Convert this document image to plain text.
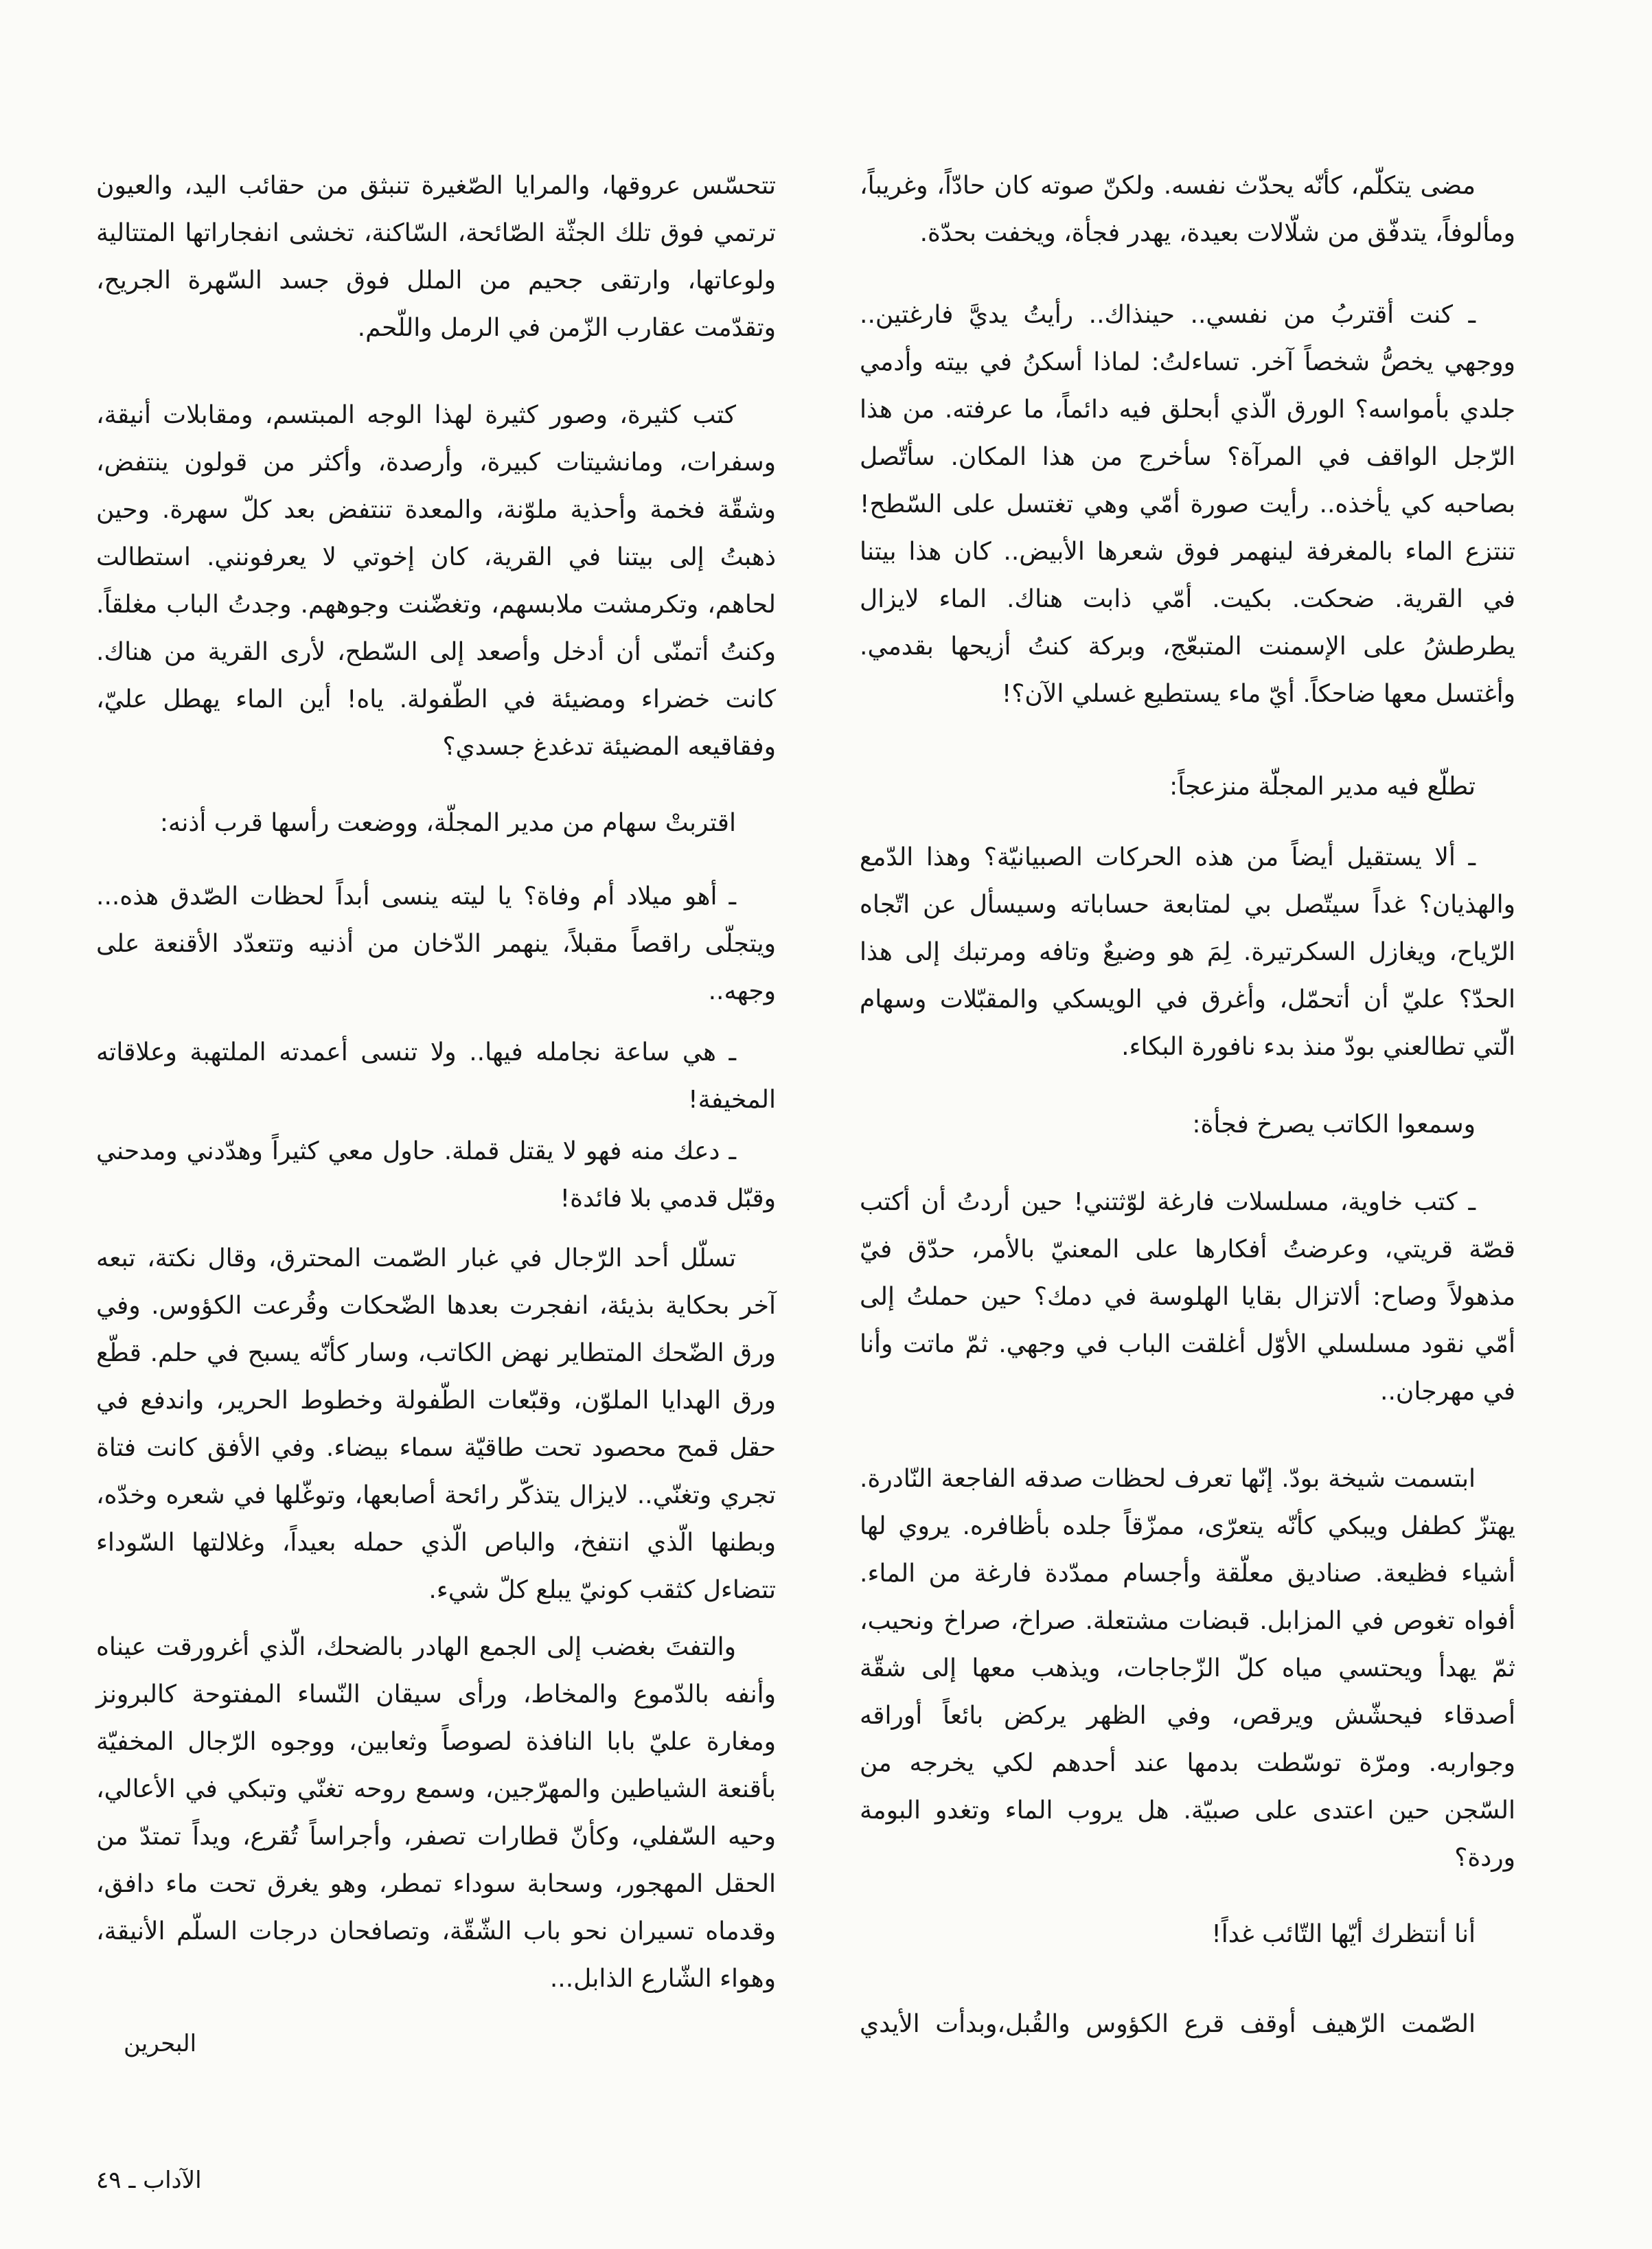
مضى يتكلّم، كأنّه يحدّث نفسه. ولكنّ صوته كان حادّاً، وغريباً، ومألوفاً، يتدفّق من شلّالات بعيدة، يهدر فجأة، ويخفت بحدّة.

ـ كنت أقتربُ من نفسي.. حينذاك.. رأيتُ يديَّ فارغتين.. ووجهي يخصُّ شخصاً آخر. تساءلتُ: لماذا أسكنُ في بيته وأدمي جلدي بأمواسه؟ الورق الّذي أبحلق فيه دائماً، ما عرفته. من هذا الرّجل الواقف في المرآة؟ سأخرج من هذا المكان. سأتّصل بصاحبه كي يأخذه.. رأيت صورة أمّي وهي تغتسل على السّطح! تنتزع الماء بالمغرفة لينهمر فوق شعرها الأبيض.. كان هذا بيتنا في القرية. ضحكت. بكيت. أمّي ذابت هناك. الماء لايزال يطرطشُ على الإسمنت المتبعّج، وبركة كنتُ أزيحها بقدمي. وأغتسل معها ضاحكاً. أيّ ماء يستطيع غسلي الآن؟!

تطلّع فيه مدير المجلّة منزعجاً:

ـ ألا يستقيل أيضاً من هذه الحركات الصبيانيّة؟ وهذا الدّمع والهذيان؟ غداً سيتّصل بي لمتابعة حساباته وسيسأل عن اتّجاه الرّياح، ويغازل السكرتيرة. لِمَ هو وضيعٌ وتافه ومرتبك إلى هذا الحدّ؟ عليّ أن أتحمّل، وأغرق في الويسكي والمقبّلات وسهام الّتي تطالعني بودّ منذ بدء نافورة البكاء.

وسمعوا الكاتب يصرخ فجأة:

ـ كتب خاوية، مسلسلات فارغة لوّثتني! حين أردتُ أن أكتب قصّة قريتي، وعرضتُ أفكارها على المعنيّ بالأمر، حدّق فيّ مذهولاً وصاح: ألاتزال بقايا الهلوسة في دمك؟ حين حملتُ إلى أمّي نقود مسلسلي الأوّل أغلقت الباب في وجهي. ثمّ ماتت وأنا في مهرجان..

ابتسمت شيخة بودّ. إنّها تعرف لحظات صدقه الفاجعة النّادرة. يهتزّ كطفل ويبكي كأنّه يتعرّى، ممزّقاً جلده بأظافره. يروي لها أشياء فظيعة. صناديق معلّقة وأجسام ممدّدة فارغة من الماء. أفواه تغوص في المزابل. قبضات مشتعلة. صراخ، صراخ ونحيب، ثمّ يهدأ ويحتسي مياه كلّ الزّجاجات، ويذهب معها إلى شقّة أصدقاء فيحشّش ويرقص، وفي الظهر يركض بائعاً أوراقه وجواربه. ومرّة توسّطت بدمها عند أحدهم لكي يخرجه من السّجن حين اعتدى على صبيّة. هل يروب الماء وتغدو البومة وردة؟

أنا أنتظرك أيّها التّائب غداً!

الصّمت الرّهيف أوقف قرع الكؤوس والقُبل،وبدأت الأيدي

تتحسّس عروقها، والمرايا الصّغيرة تنبثق من حقائب اليد، والعيون ترتمي فوق تلك الجثّة الصّائحة، السّاكنة، تخشى انفجاراتها المتتالية ولوعاتها، وارتقى جحيم من الملل فوق جسد السّهرة الجريح، وتقدّمت عقارب الزّمن في الرمل واللّحم.

كتب كثيرة، وصور كثيرة لهذا الوجه المبتسم، ومقابلات أنيقة، وسفرات، ومانشيتات كبيرة، وأرصدة، وأكثر من قولون ينتفض، وشقّة فخمة وأحذية ملوّنة، والمعدة تنتفض بعد كلّ سهرة. وحين ذهبتُ إلى بيتنا في القرية، كان إخوتي لا يعرفونني. استطالت لحاهم، وتكرمشت ملابسهم، وتغضّنت وجوههم. وجدتُ الباب مغلقاً. وكنتُ أتمنّى أن أدخل وأصعد إلى السّطح، لأرى القرية من هناك. كانت خضراء ومضيئة في الطّفولة. ياه! أين الماء يهطل عليّ، وفقاقيعه المضيئة تدغدغ جسدي؟

اقتربتْ سهام من مدير المجلّة، ووضعت رأسها قرب أذنه:

ـ أهو ميلاد أم وفاة؟ يا ليته ينسى أبداً لحظات الصّدق هذه... ويتجلّى راقصاً مقبلاً، ينهمر الدّخان من أذنيه وتتعدّد الأقنعة على وجهه..

ـ هي ساعة نجامله فيها.. ولا تنسى أعمدته الملتهبة وعلاقاته المخيفة!

ـ دعك منه فهو لا يقتل قملة. حاول معي كثيراً وهدّدني ومدحني وقبّل قدمي بلا فائدة!

تسلّل أحد الرّجال في غبار الصّمت المحترق، وقال نكتة، تبعه آخر بحكاية بذيئة، انفجرت بعدها الضّحكات وقُرعت الكؤوس. وفي ورق الضّحك المتطاير نهض الكاتب، وسار كأنّه يسبح في حلم. قطّع ورق الهدايا الملوّن، وقبّعات الطّفولة وخطوط الحرير، واندفع في حقل قمح محصود تحت طاقيّة سماء بيضاء. وفي الأفق كانت فتاة تجري وتغنّي.. لايزال يتذكّر رائحة أصابعها، وتوغّلها في شعره وخدّه، وبطنها الّذي انتفخ، والباص الّذي حمله بعيداً، وغلالتها السّوداء تتضاءل كثقب كونيّ يبلع كلّ شيء.

والتفتَ بغضب إلى الجمع الهادر بالضحك، الّذي أغرورقت عيناه وأنفه بالدّموع والمخاط، ورأى سيقان النّساء المفتوحة كالبرونز ومغارة عليّ بابا النافذة لصوصاً وثعابين، ووجوه الرّجال المخفيّة بأقنعة الشياطين والمهرّجين، وسمع روحه تغنّي وتبكي في الأعالي، وحيه السّفلي، وكأنّ قطارات تصفر، وأجراساً تُقرع، ويداً تمتدّ من الحقل المهجور، وسحابة سوداء تمطر، وهو يغرق تحت ماء دافق، وقدماه تسيران نحو باب الشّقّة، وتصافحان درجات السلّم الأنيقة، وهواء الشّارع الذابل...

البحرين
الآداب ـ ٤٩
